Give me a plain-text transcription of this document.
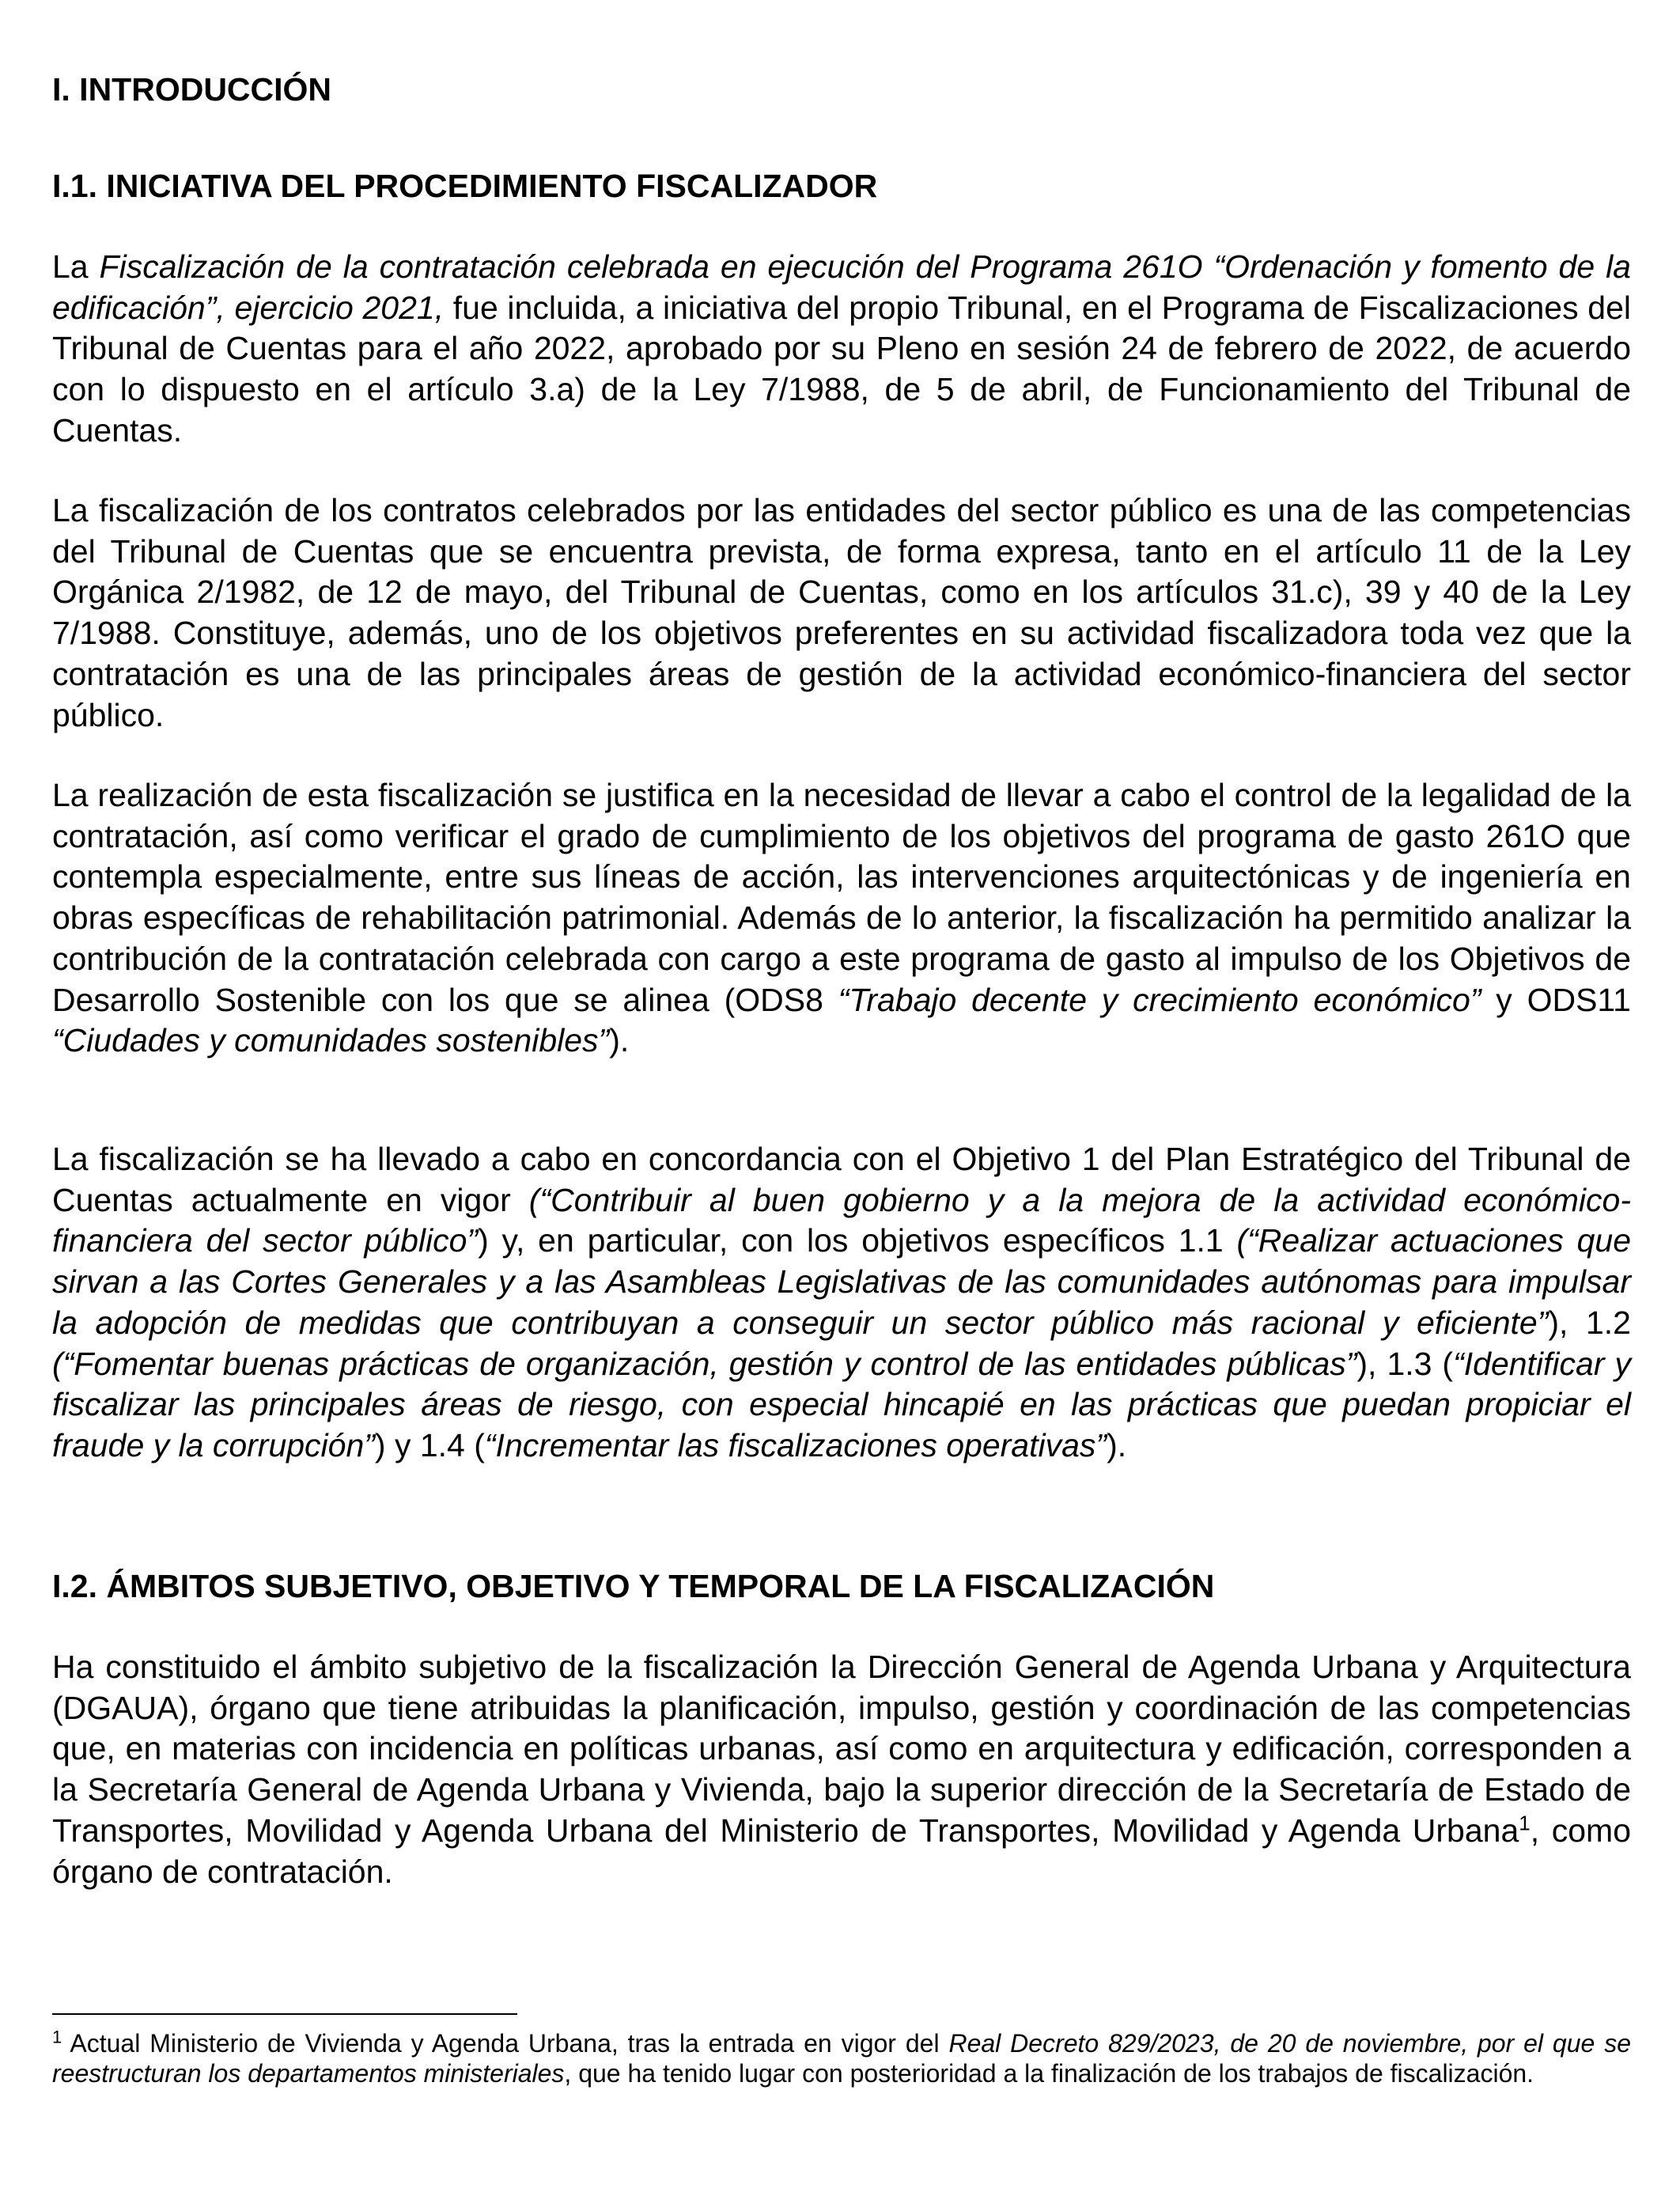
I. INTRODUCCIÓN
I.1. INICIATIVA DEL PROCEDIMIENTO FISCALIZADOR

La Fiscalización de la contratación celebrada en ejecución del Programa 261O “Ordenación y fomento de la edificación”, ejercicio 2021, fue incluida, a iniciativa del propio Tribunal, en el Programa de Fiscalizaciones del Tribunal de Cuentas para el año 2022, aprobado por su Pleno en sesión 24 de febrero de 2022, de acuerdo con lo dispuesto en el artículo 3.a) de la Ley 7/1988, de 5 de abril, de Funcionamiento del Tribunal de Cuentas.

La fiscalización de los contratos celebrados por las entidades del sector público es una de las competencias del Tribunal de Cuentas que se encuentra prevista, de forma expresa, tanto en el artículo 11 de la Ley Orgánica 2/1982, de 12 de mayo, del Tribunal de Cuentas, como en los artículos 31.c), 39 y 40 de la Ley 7/1988. Constituye, además, uno de los objetivos preferentes en su actividad fiscalizadora toda vez que la contratación es una de las principales áreas de gestión de la actividad económico-financiera del sector público.

La realización de esta fiscalización se justifica en la necesidad de llevar a cabo el control de la legalidad de la contratación, así como verificar el grado de cumplimiento de los objetivos del programa de gasto 261O que contempla especialmente, entre sus líneas de acción, las intervenciones arquitectónicas y de ingeniería en obras específicas de rehabilitación patrimonial. Además de lo anterior, la fiscalización ha permitido analizar la contribución de la contratación celebrada con cargo a este programa de gasto al impulso de los Objetivos de Desarrollo Sostenible con los que se alinea (ODS8 “Trabajo decente y crecimiento económico” y ODS11 “Ciudades y comunidades sostenibles”).

La fiscalización se ha llevado a cabo en concordancia con el Objetivo 1 del Plan Estratégico del Tribunal de Cuentas actualmente en vigor (“Contribuir al buen gobierno y a la mejora de la actividad económico-financiera del sector público”) y, en particular, con los objetivos específicos 1.1 (“Realizar actuaciones que sirvan a las Cortes Generales y a las Asambleas Legislativas de las comunidades autónomas para impulsar la adopción de medidas que contribuyan a conseguir un sector público más racional y eficiente”), 1.2 (“Fomentar buenas prácticas de organización, gestión y control de las entidades públicas”), 1.3 (“Identificar y fiscalizar las principales áreas de riesgo, con especial hincapié en las prácticas que puedan propiciar el fraude y la corrupción”) y 1.4 (“Incrementar las fiscalizaciones operativas”).

I.2. ÁMBITOS SUBJETIVO, OBJETIVO Y TEMPORAL DE LA FISCALIZACIÓN

Ha constituido el ámbito subjetivo de la fiscalización la Dirección General de Agenda Urbana y Arquitectura (DGAUA), órgano que tiene atribuidas la planificación, impulso, gestión y coordinación de las competencias que, en materias con incidencia en políticas urbanas, así como en arquitectura y edificación, corresponden a la Secretaría General de Agenda Urbana y Vivienda, bajo la superior dirección de la Secretaría de Estado de Transportes, Movilidad y Agenda Urbana del Ministerio de Transportes, Movilidad y Agenda Urbana$^1$, como órgano de contratación.

$^1$ Actual Ministerio de Vivienda y Agenda Urbana, tras la entrada en vigor del Real Decreto 829/2023, de 20 de noviembre, por el que se reestructuran los departamentos ministeriales, que ha tenido lugar con posterioridad a la finalización de los trabajos de fiscalización.
